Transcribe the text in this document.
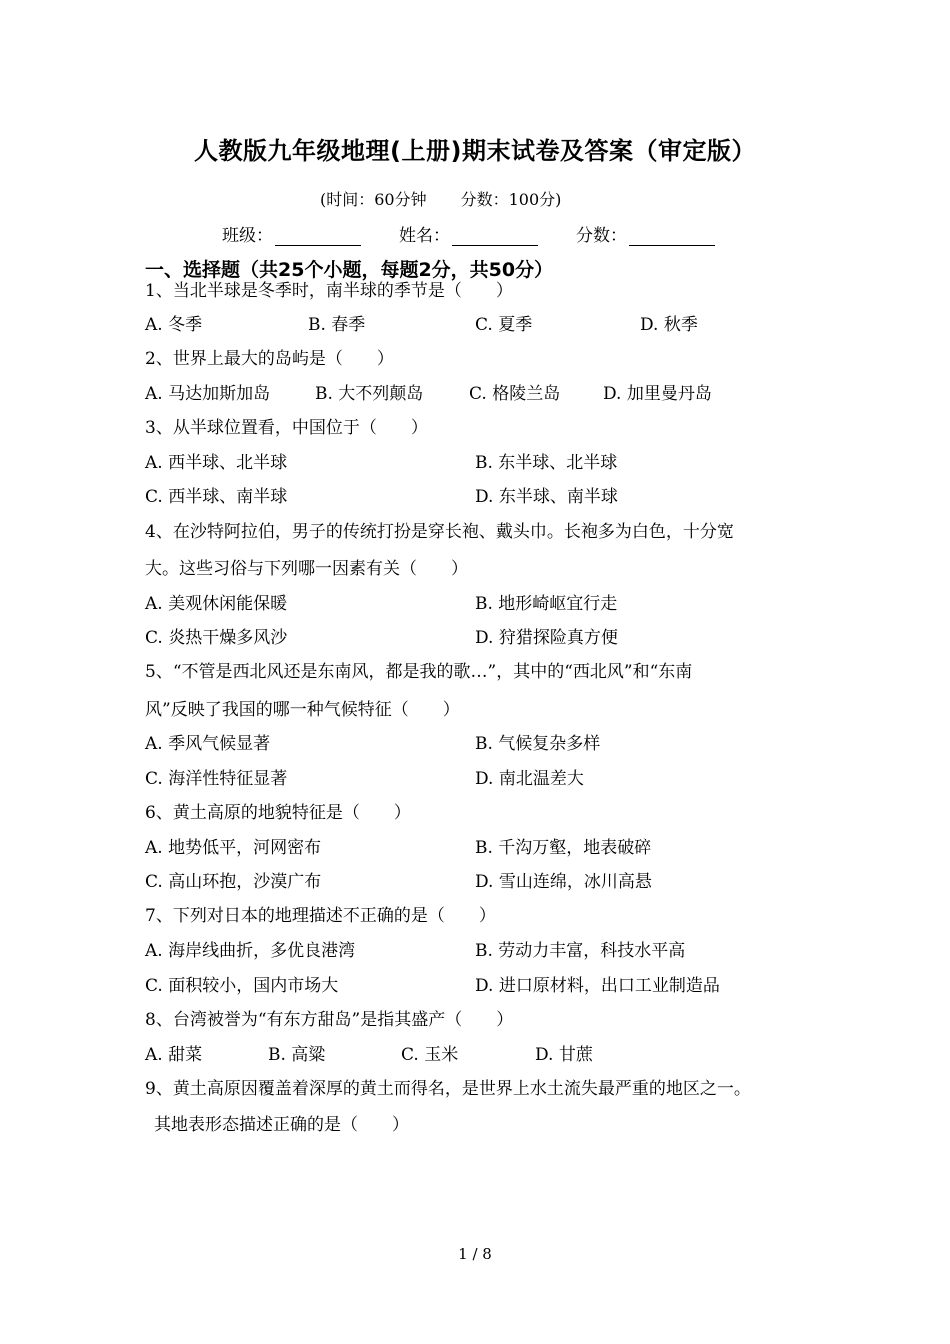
人教版九年级地理(上册)期末试卷及答案（审定版）
(时间：60分钟 分数：100分)
班级：	姓名：	分数：
一、选择题（共25个小题，每题2分，共50分）
1、当北半球是冬季时，南半球的季节是（　　）
A. 冬季	B. 春季	C. 夏季	D. 秋季
2、世界上最大的岛屿是（　　）
A. 马达加斯加岛	B. 大不列颠岛	C. 格陵兰岛	D. 加里曼丹岛
3、从半球位置看，中国位于（　　）
A. 西半球、北半球	B. 东半球、北半球
C. 西半球、南半球	D. 东半球、南半球
4、在沙特阿拉伯，男子的传统打扮是穿长袍、戴头巾。长袍多为白色，十分宽
大。这些习俗与下列哪一因素有关（　　）
A. 美观休闲能保暖	B. 地形崎岖宜行走
C. 炎热干燥多风沙	D. 狩猎探险真方便
5、“不管是西北风还是东南风，都是我的歌…”，其中的“西北风”和“东南
风”反映了我国的哪一种气候特征（　　）
A. 季风气候显著	B. 气候复杂多样
C. 海洋性特征显著	D. 南北温差大
6、黄土高原的地貌特征是（　　）
A. 地势低平，河网密布	B. 千沟万壑，地表破碎
C. 高山环抱，沙漠广布	D. 雪山连绵，冰川高悬
7、下列对日本的地理描述不正确的是（　　）
A. 海岸线曲折，多优良港湾	B. 劳动力丰富，科技水平高
C. 面积较小，国内市场大	D. 进口原材料，出口工业制造品
8、台湾被誉为“有东方甜岛”是指其盛产（　　）
A. 甜菜	B. 高粱	C. 玉米	D. 甘蔗
9、黄土高原因覆盖着深厚的黄土而得名，是世界上水土流失最严重的地区之一。
其地表形态描述正确的是（　　）
1 / 8
